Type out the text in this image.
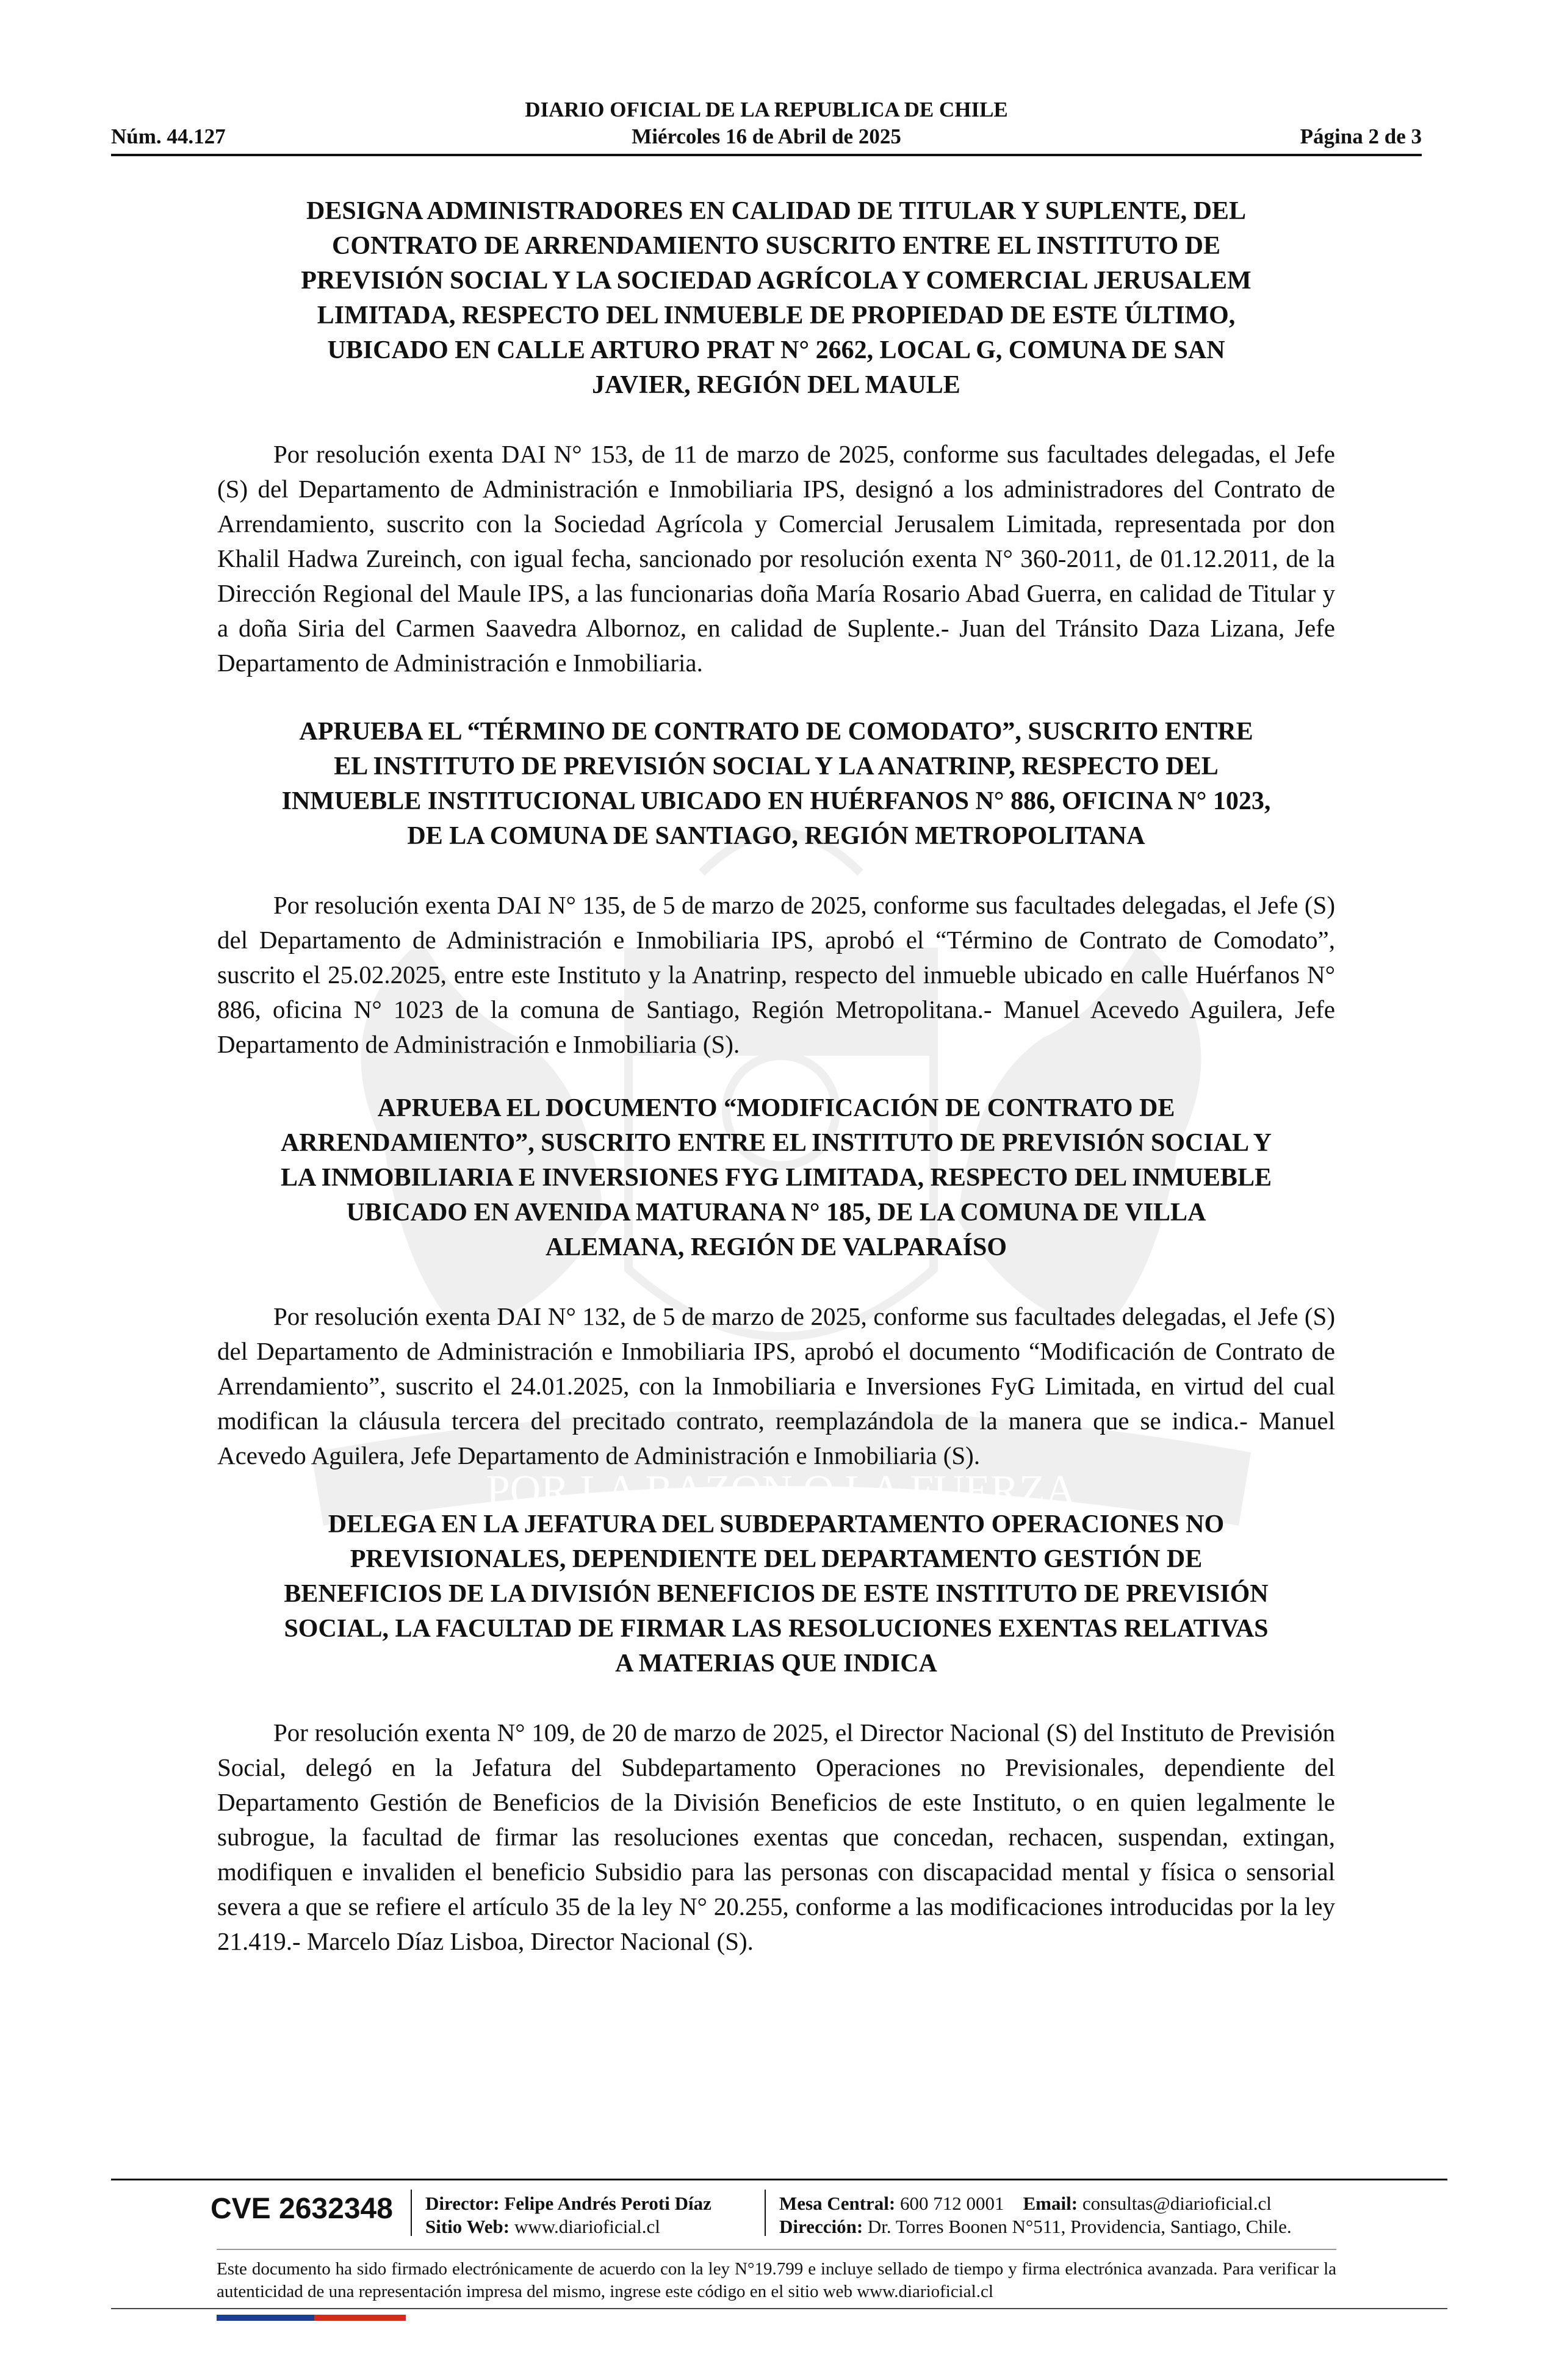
POR LA RAZON O LA FUERZA
DIARIO OFICIAL DE LA REPUBLICA DE CHILE
Miércoles 16 de Abril de 2025
Núm. 44.127	Página 2 de 3
DESIGNA ADMINISTRADORES EN CALIDAD DE TITULAR Y SUPLENTE, DEL
CONTRATO DE ARRENDAMIENTO SUSCRITO ENTRE EL INSTITUTO DE
PREVISIÓN SOCIAL Y LA SOCIEDAD AGRÍCOLA Y COMERCIAL JERUSALEM
LIMITADA, RESPECTO DEL INMUEBLE DE PROPIEDAD DE ESTE ÚLTIMO,
UBICADO EN CALLE ARTURO PRAT N° 2662, LOCAL G, COMUNA DE SAN
JAVIER, REGIÓN DEL MAULE

Por resolución exenta DAI N° 153, de 11 de marzo de 2025, conforme sus facultades delegadas, el Jefe (S) del Departamento de Administración e Inmobiliaria IPS, designó a los administradores del Contrato de Arrendamiento, suscrito con la Sociedad Agrícola y Comercial Jerusalem Limitada, representada por don Khalil Hadwa Zureinch, con igual fecha, sancionado por resolución exenta N° 360-2011, de 01.12.2011, de la Dirección Regional del Maule IPS, a las funcionarias doña María Rosario Abad Guerra, en calidad de Titular y a doña Siria del Carmen Saavedra Albornoz, en calidad de Suplente.- Juan del Tránsito Daza Lizana, Jefe Departamento de Administración e Inmobiliaria.

APRUEBA EL “TÉRMINO DE CONTRATO DE COMODATO”, SUSCRITO ENTRE
EL INSTITUTO DE PREVISIÓN SOCIAL Y LA ANATRINP, RESPECTO DEL
INMUEBLE INSTITUCIONAL UBICADO EN HUÉRFANOS N° 886, OFICINA N° 1023,
DE LA COMUNA DE SANTIAGO, REGIÓN METROPOLITANA

Por resolución exenta DAI N° 135, de 5 de marzo de 2025, conforme sus facultades delegadas, el Jefe (S) del Departamento de Administración e Inmobiliaria IPS, aprobó el “Término de Contrato de Comodato”, suscrito el 25.02.2025, entre este Instituto y la Anatrinp, respecto del inmueble ubicado en calle Huérfanos N° 886, oficina N° 1023 de la comuna de Santiago, Región Metropolitana.- Manuel Acevedo Aguilera, Jefe Departamento de Administración e Inmobiliaria (S).

APRUEBA EL DOCUMENTO “MODIFICACIÓN DE CONTRATO DE
ARRENDAMIENTO”, SUSCRITO ENTRE EL INSTITUTO DE PREVISIÓN SOCIAL Y
LA INMOBILIARIA E INVERSIONES FYG LIMITADA, RESPECTO DEL INMUEBLE
UBICADO EN AVENIDA MATURANA N° 185, DE LA COMUNA DE VILLA
ALEMANA, REGIÓN DE VALPARAÍSO

Por resolución exenta DAI N° 132, de 5 de marzo de 2025, conforme sus facultades delegadas, el Jefe (S) del Departamento de Administración e Inmobiliaria IPS, aprobó el documento “Modificación de Contrato de Arrendamiento”, suscrito el 24.01.2025, con la Inmobiliaria e Inversiones FyG Limitada, en virtud del cual modifican la cláusula tercera del precitado contrato, reemplazándola de la manera que se indica.- Manuel Acevedo Aguilera, Jefe Departamento de Administración e Inmobiliaria (S).

DELEGA EN LA JEFATURA DEL SUBDEPARTAMENTO OPERACIONES NO
PREVISIONALES, DEPENDIENTE DEL DEPARTAMENTO GESTIÓN DE
BENEFICIOS DE LA DIVISIÓN BENEFICIOS DE ESTE INSTITUTO DE PREVISIÓN
SOCIAL, LA FACULTAD DE FIRMAR LAS RESOLUCIONES EXENTAS RELATIVAS
A MATERIAS QUE INDICA

Por resolución exenta N° 109, de 20 de marzo de 2025, el Director Nacional (S) del Instituto de Previsión Social, delegó en la Jefatura del Subdepartamento Operaciones no Previsionales, dependiente del Departamento Gestión de Beneficios de la División Beneficios de este Instituto, o en quien legalmente le subrogue, la facultad de firmar las resoluciones exentas que concedan, rechacen, suspendan, extingan, modifiquen e invaliden el beneficio Subsidio para las personas con discapacidad mental y física o sensorial severa a que se refiere el artículo 35 de la ley N° 20.255, conforme a las modificaciones introducidas por la ley 21.419.- Marcelo Díaz Lisboa, Director Nacional (S).

CVE 2632348 Director: Felipe Andrés Peroti Díaz
Sitio Web: www.diarioficial.cl
Mesa Central: 600 712 0001 Email: consultas@diarioficial.cl
Dirección: Dr. Torres Boonen N°511, Providencia, Santiago, Chile.
Este documento ha sido firmado electrónicamente de acuerdo con la ley N°19.799 e incluye sellado de tiempo y firma electrónica avanzada. Para verificar la autenticidad de una representación impresa del mismo, ingrese este código en el sitio web www.diarioficial.cl
